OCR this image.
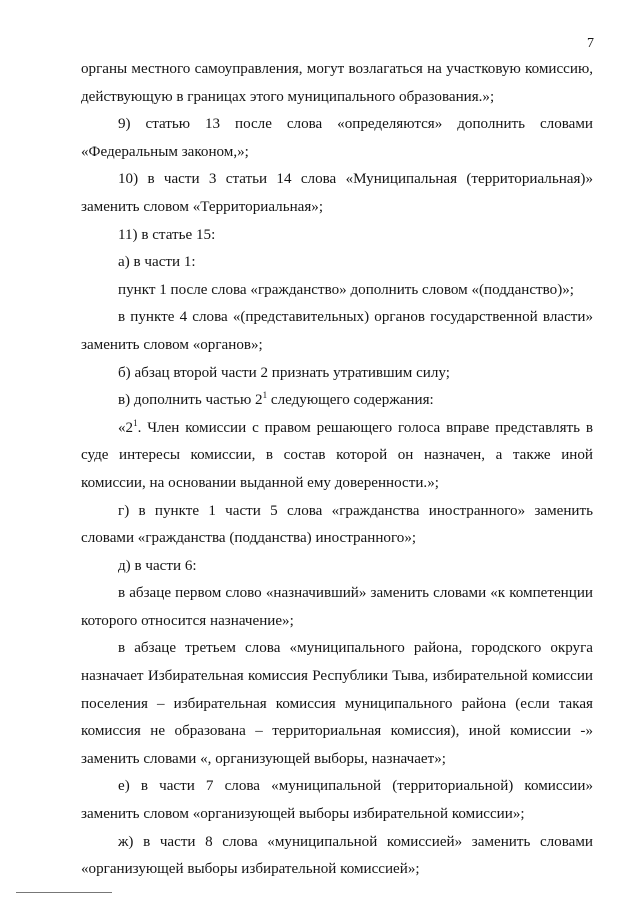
7

органы местного самоуправления, могут возлагаться на участковую комиссию, действующую в границах этого муниципального образования.»;

9) статью 13 после слова «определяются» дополнить словами «Федеральным законом,»;

10) в части 3 статьи 14 слова «Муниципальная (территориальная)» заменить словом «Территориальная»;

11) в статье 15:

а) в части 1:

пункт 1 после слова «гражданство» дополнить словом «(подданство)»;

в пункте 4 слова «(представительных) органов государственной власти» заменить словом «органов»;

б) абзац второй части 2 признать утратившим силу;

в) дополнить частью $2^1$ следующего содержания:

«$2^1$. Член комиссии с правом решающего голоса вправе представлять в суде интересы комиссии, в состав которой он назначен, а также иной комиссии, на основании выданной ему доверенности.»;

г) в пункте 1 части 5 слова «гражданства иностранного» заменить словами «гражданства (подданства) иностранного»;

д) в части 6:

в абзаце первом слово «назначивший» заменить словами «к компетенции которого относится назначение»;

в абзаце третьем слова «муниципального района, городского округа назначает Избирательная комиссия Республики Тыва, избирательной комиссии поселения – избирательная комиссия муниципального района (если такая комиссия не образована – территориальная комиссия), иной комиссии -» заменить словами «, организующей выборы, назначает»;

е) в части 7 слова «муниципальной (территориальной) комиссии» заменить словом «организующей выборы избирательной комиссии»;

ж) в части 8 слова «муниципальной комиссией» заменить словами «организующей выборы избирательной комиссией»;
